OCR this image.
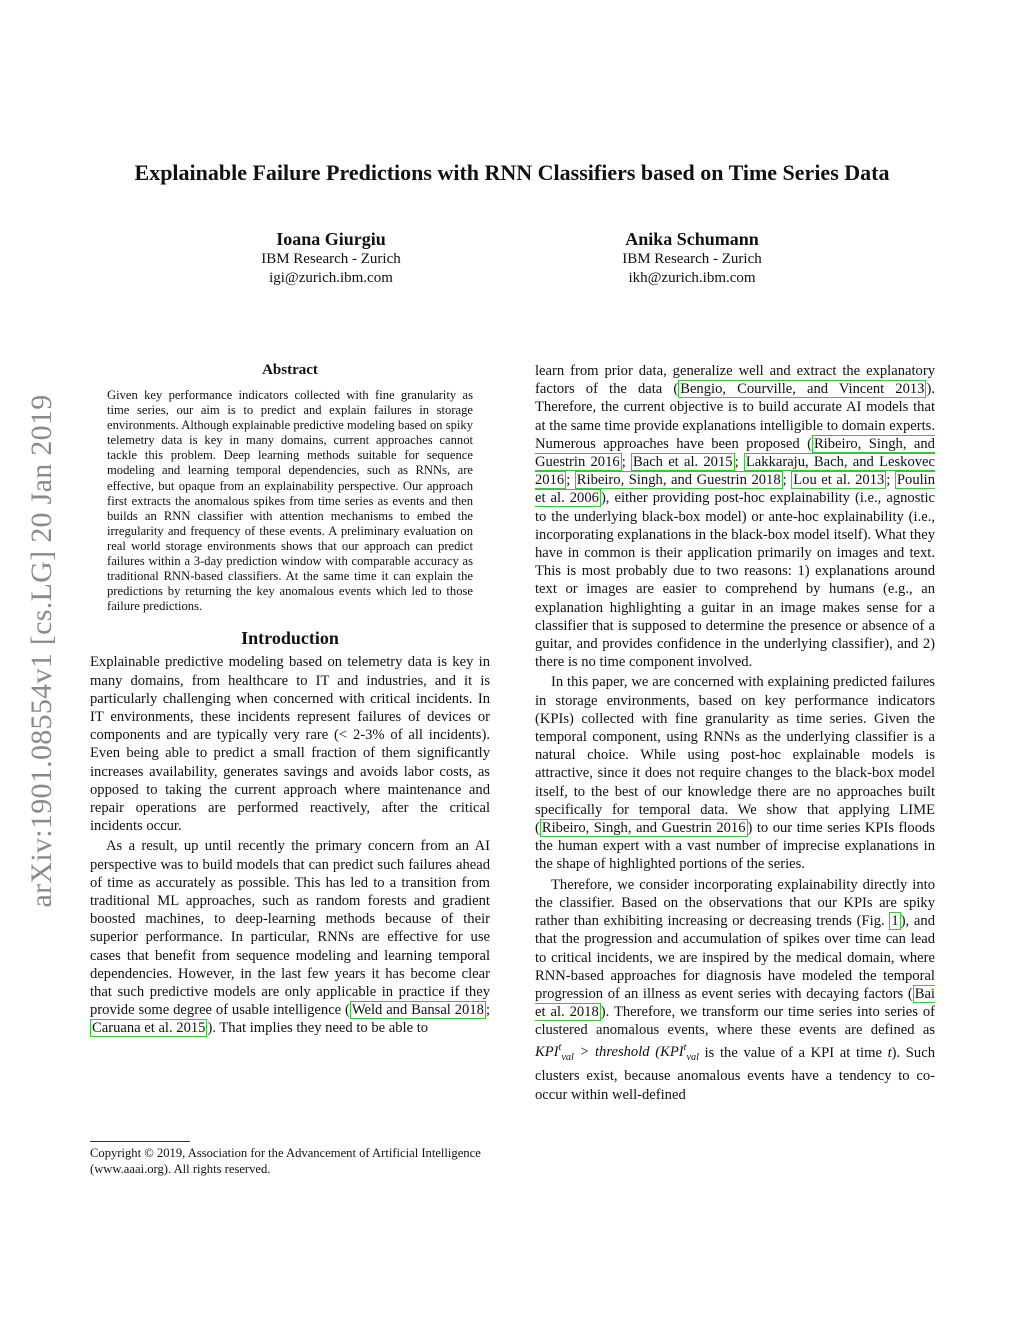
arXiv:1901.08554v1 [cs.LG] 20 Jan 2019
Explainable Failure Predictions with RNN Classifiers based on Time Series Data
Ioana Giurgiu
IBM Research - Zurich
igi@zurich.ibm.com
Anika Schumann
IBM Research - Zurich
ikh@zurich.ibm.com
Abstract
Given key performance indicators collected with fine granularity as time series, our aim is to predict and explain failures in storage environments. Although explainable predictive modeling based on spiky telemetry data is key in many domains, current approaches cannot tackle this problem. Deep learning methods suitable for sequence modeling and learning temporal dependencies, such as RNNs, are effective, but opaque from an explainability perspective. Our approach first extracts the anomalous spikes from time series as events and then builds an RNN classifier with attention mechanisms to embed the irregularity and frequency of these events. A preliminary evaluation on real world storage environments shows that our approach can predict failures within a 3-day prediction window with comparable accuracy as traditional RNN-based classifiers. At the same time it can explain the predictions by returning the key anomalous events which led to those failure predictions.
Introduction

Explainable predictive modeling based on telemetry data is key in many domains, from healthcare to IT and industries, and it is particularly challenging when concerned with critical incidents. In IT environments, these incidents represent failures of devices or components and are typically very rare (< 2-3% of all incidents). Even being able to predict a small fraction of them significantly increases availability, generates savings and avoids labor costs, as opposed to taking the current approach where maintenance and repair operations are performed reactively, after the critical incidents occur.

As a result, up until recently the primary concern from an AI perspective was to build models that can predict such failures ahead of time as accurately as possible. This has led to a transition from traditional ML approaches, such as random forests and gradient boosted machines, to deep-learning methods because of their superior performance. In particular, RNNs are effective for use cases that benefit from sequence modeling and learning temporal dependencies. However, in the last few years it has become clear that such predictive models are only applicable in practice if they provide some degree of usable intelligence ( Weld and Bansal 2018 ; Caruana et al. 2015 ). That implies they need to be able to

Copyright © 2019, Association for the Advancement of Artificial Intelligence (www.aaai.org). All rights reserved.

learn from prior data, generalize well and extract the explanatory factors of the data ( Bengio, Courville, and Vincent 2013 ). Therefore, the current objective is to build accurate AI models that at the same time provide explanations intelligible to domain experts. Numerous approaches have been proposed ( Ribeiro, Singh, and Guestrin 2016 ; Bach et al. 2015 ; Lakkaraju, Bach, and Leskovec 2016 ; Ribeiro, Singh, and Guestrin 2018 ; Lou et al. 2013 ; Poulin et al. 2006 ), either providing post-hoc explainability (i.e., agnostic to the underlying black-box model) or ante-hoc explainability (i.e., incorporating explanations in the black-box model itself). What they have in common is their application primarily on images and text. This is most probably due to two reasons: 1) explanations around text or images are easier to comprehend by humans (e.g., an explanation highlighting a guitar in an image makes sense for a classifier that is supposed to determine the presence or absence of a guitar, and provides confidence in the underlying classifier), and 2) there is no time component involved.

In this paper, we are concerned with explaining predicted failures in storage environments, based on key performance indicators (KPIs) collected with fine granularity as time series. Given the temporal component, using RNNs as the underlying classifier is a natural choice. While using post-hoc explainable models is attractive, since it does not require changes to the black-box model itself, to the best of our knowledge there are no approaches built specifically for temporal data. We show that applying LIME ( Ribeiro, Singh, and Guestrin 2016 ) to our time series KPIs floods the human expert with a vast number of imprecise explanations in the shape of highlighted portions of the series.

Therefore, we consider incorporating explainability directly into the classifier. Based on the observations that our KPIs are spiky rather than exhibiting increasing or decreasing trends (Fig. 1 ), and that the progression and accumulation of spikes over time can lead to critical incidents, we are inspired by the medical domain, where RNN-based approaches for diagnosis have modeled the temporal progression of an illness as event series with decaying factors ( Bai et al. 2018 ). Therefore, we transform our time series into series of clustered anomalous events, where these events are defined as $KPI^t_{val}$ > threshold ($KPI^t_{val}$ is the value of a KPI at time t). Such clusters exist, because anomalous events have a tendency to co-occur within well-defined
